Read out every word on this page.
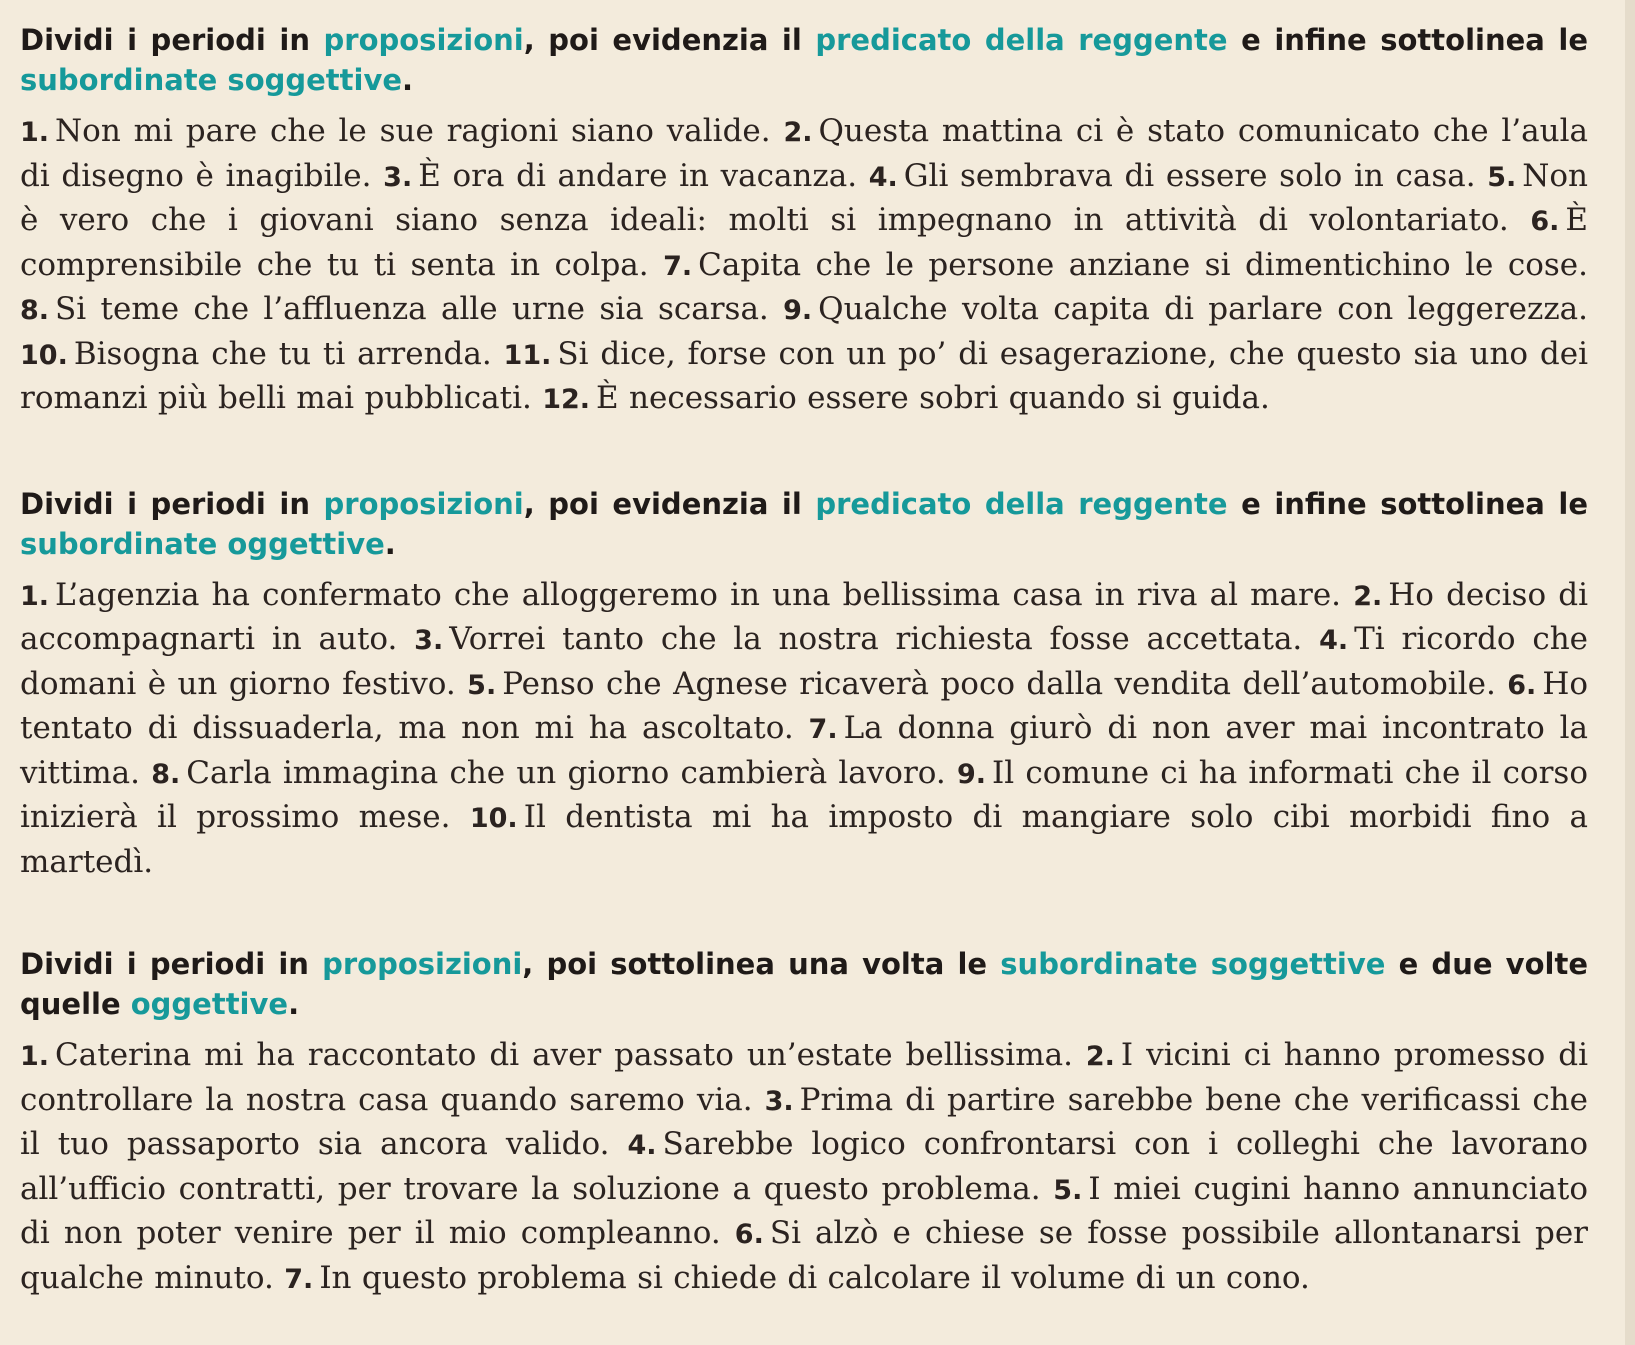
Dividi i periodi in proposizioni, poi evidenzia il predicato della reggente e infine sottolinea le subordinate soggettive.

1. Non mi pare che le sue ragioni siano valide. 2. Questa mattina ci è stato comunicato che l’aula di disegno è inagibile. 3. È ora di andare in vacanza. 4. Gli sembrava di essere solo in casa. 5. Non è vero che i giovani siano senza ideali: molti si impegnano in attività di volontariato. 6. È comprensibile che tu ti senta in colpa. 7. Capita che le persone anziane si dimentichino le cose. 8. Si teme che l’affluenza alle urne sia scarsa. 9. Qualche volta capita di parlare con leggerezza. 10. Bisogna che tu ti arrenda. 11. Si dice, forse con un po’ di esagerazione, che questo sia uno dei romanzi più belli mai pubblicati. 12. È necessario essere sobri quando si guida.

Dividi i periodi in proposizioni, poi evidenzia il predicato della reggente e infine sottolinea le subordinate oggettive.

1. L’agenzia ha confermato che alloggeremo in una bellissima casa in riva al mare. 2. Ho deciso di accompagnarti in auto. 3. Vorrei tanto che la nostra richiesta fosse accettata. 4. Ti ricordo che domani è un giorno festivo. 5. Penso che Agnese ricaverà poco dalla vendita dell’automobile. 6. Ho tentato di dissuaderla, ma non mi ha ascoltato. 7. La donna giurò di non aver mai incontrato la vittima. 8. Carla immagina che un giorno cambierà lavoro. 9. Il comune ci ha informati che il corso inizierà il prossimo mese. 10. Il dentista mi ha imposto di mangiare solo cibi morbidi fino a martedì.

Dividi i periodi in proposizioni, poi sottolinea una volta le subordinate soggettive e due volte quelle oggettive.

1. Caterina mi ha raccontato di aver passato un’estate bellissima. 2. I vicini ci hanno promesso di controllare la nostra casa quando saremo via. 3. Prima di partire sarebbe bene che verificassi che il tuo passaporto sia ancora valido. 4. Sarebbe logico confrontarsi con i colleghi che lavorano all’ufficio contratti, per trovare la soluzione a questo problema. 5. I miei cugini hanno annunciato di non poter venire per il mio compleanno. 6. Si alzò e chiese se fosse possibile allontanarsi per qualche minuto. 7. In questo problema si chiede di calcolare il volume di un cono.
